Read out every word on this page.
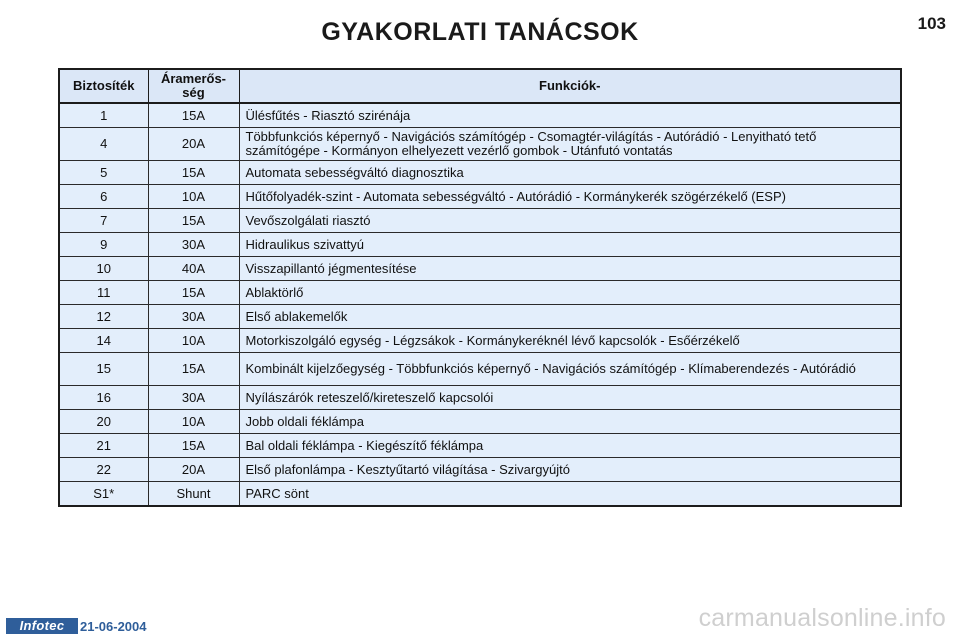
GYAKORLATI TANÁCSOK	103
Biztosíték	Áramerős-ség	Funkciók-
1	15A	Ülésfűtés - Riasztó szirénája
4	20A	Többfunkciós képernyő - Navigációs számítógép - Csomagtér-világítás - Autórádió - Lenyitható tető számítógépe - Kormányon elhelyezett vezérlő gombok - Utánfutó vontatás
5	15A	Automata sebességváltó diagnosztika
6	10A	Hűtőfolyadék-szint - Automata sebességváltó - Autórádió - Kormánykerék szögérzékelő (ESP)
7	15A	Vevőszolgálati riasztó
9	30A	Hidraulikus szivattyú
10	40A	Visszapillantó jégmentesítése
11	15A	Ablaktörlő
12	30A	Első ablakemelők
14	10A	Motorkiszolgáló egység - Légzsákok - Kormánykeréknél lévő kapcsolók - Esőérzékelő
15	15A	Kombinált kijelzőegység - Többfunkciós képernyő - Navigációs számítógép - Klímaberendezés - Autórádió
16	30A	Nyílászárók reteszelő/kireteszelő kapcsolói
20	10A	Jobb oldali féklámpa
21	15A	Bal oldali féklámpa - Kiegészítő féklámpa
22	20A	Első plafonlámpa - Kesztyűtartó világítása - Szivargyújtó
S1*	Shunt	PARC sönt
Infotec	21-06-2004	carmanualsonline.info
